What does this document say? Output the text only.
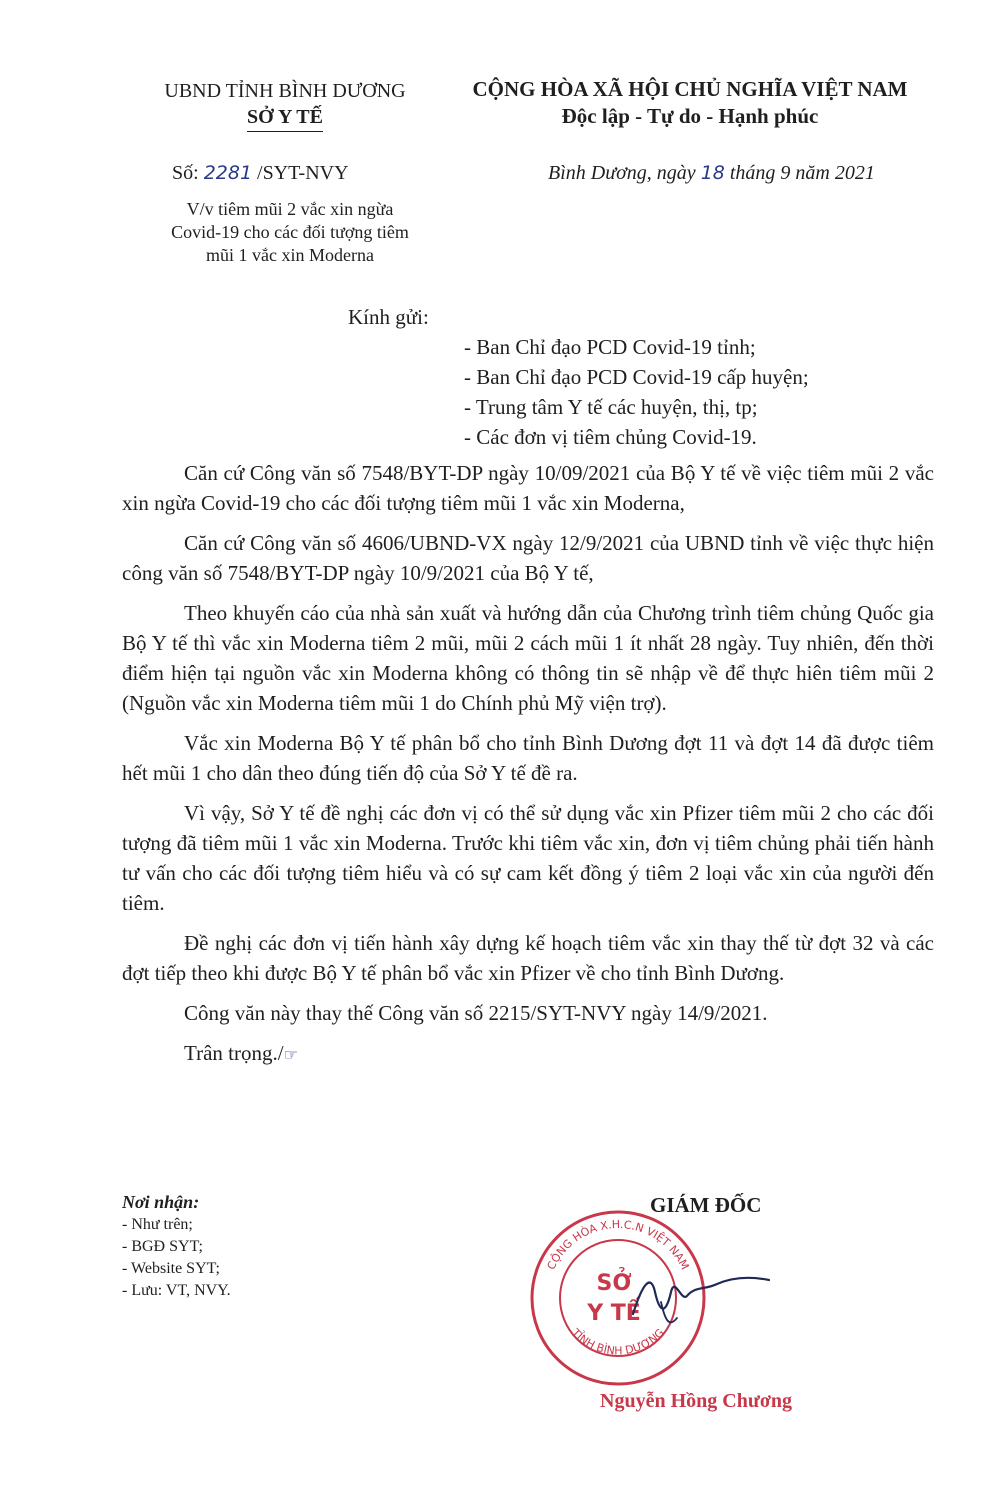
UBND TỈNH BÌNH DƯƠNG
SỞ Y TẾ
CỘNG HÒA XÃ HỘI CHỦ NGHĨA VIỆT NAM
Độc lập - Tự do - Hạnh phúc
Số: 2281 /SYT-NVY	Bình Dương, ngày 18 tháng 9 năm 2021
V/v tiêm mũi 2 vắc xin ngừa
Covid-19 cho các đối tượng tiêm
mũi 1 vắc xin Moderna
Kính gửi:
- Ban Chỉ đạo PCD Covid-19 tỉnh;
- Ban Chỉ đạo PCD Covid-19 cấp huyện;
- Trung tâm Y tế các huyện, thị, tp;
- Các đơn vị tiêm chủng Covid-19.

Căn cứ Công văn số 7548/BYT-DP ngày 10/09/2021 của Bộ Y tế về việc tiêm mũi 2 vắc xin ngừa Covid-19 cho các đối tượng tiêm mũi 1 vắc xin Moderna,

Căn cứ Công văn số 4606/UBND-VX ngày 12/9/2021 của UBND tỉnh về việc thực hiện công văn số 7548/BYT-DP ngày 10/9/2021 của Bộ Y tế,

Theo khuyến cáo của nhà sản xuất và hướng dẫn của Chương trình tiêm chủng Quốc gia Bộ Y tế thì vắc xin Moderna tiêm 2 mũi, mũi 2 cách mũi 1 ít nhất 28 ngày. Tuy nhiên, đến thời điểm hiện tại nguồn vắc xin Moderna không có thông tin sẽ nhập về để thực hiên tiêm mũi 2 (Nguồn vắc xin Moderna tiêm mũi 1 do Chính phủ Mỹ viện trợ).

Vắc xin Moderna Bộ Y tế phân bổ cho tỉnh Bình Dương đợt 11 và đợt 14 đã được tiêm hết mũi 1 cho dân theo đúng tiến độ của Sở Y tế đề ra.

Vì vậy, Sở Y tế đề nghị các đơn vị có thể sử dụng vắc xin Pfizer tiêm mũi 2 cho các đối tượng đã tiêm mũi 1 vắc xin Moderna. Trước khi tiêm vắc xin, đơn vị tiêm chủng phải tiến hành tư vấn cho các đối tượng tiêm hiểu và có sự cam kết đồng ý tiêm 2 loại vắc xin của người đến tiêm.

Đề nghị các đơn vị tiến hành xây dựng kế hoạch tiêm vắc xin thay thế từ đợt 32 và các đợt tiếp theo khi được Bộ Y tế phân bổ vắc xin Pfizer về cho tỉnh Bình Dương.

Công văn này thay thế Công văn số 2215/SYT-NVY ngày 14/9/2021.

Trân trọng./☞

Nơi nhận:
- Như trên;
- BGĐ SYT;
- Website SYT;
- Lưu: VT, NVY.
GIÁM ĐỐC
CỘNG HÒA X.H.C.N VIỆT NAM
TỈNH BÌNH DƯƠNG
SỞ
Y TẾ
Nguyễn Hồng Chương
